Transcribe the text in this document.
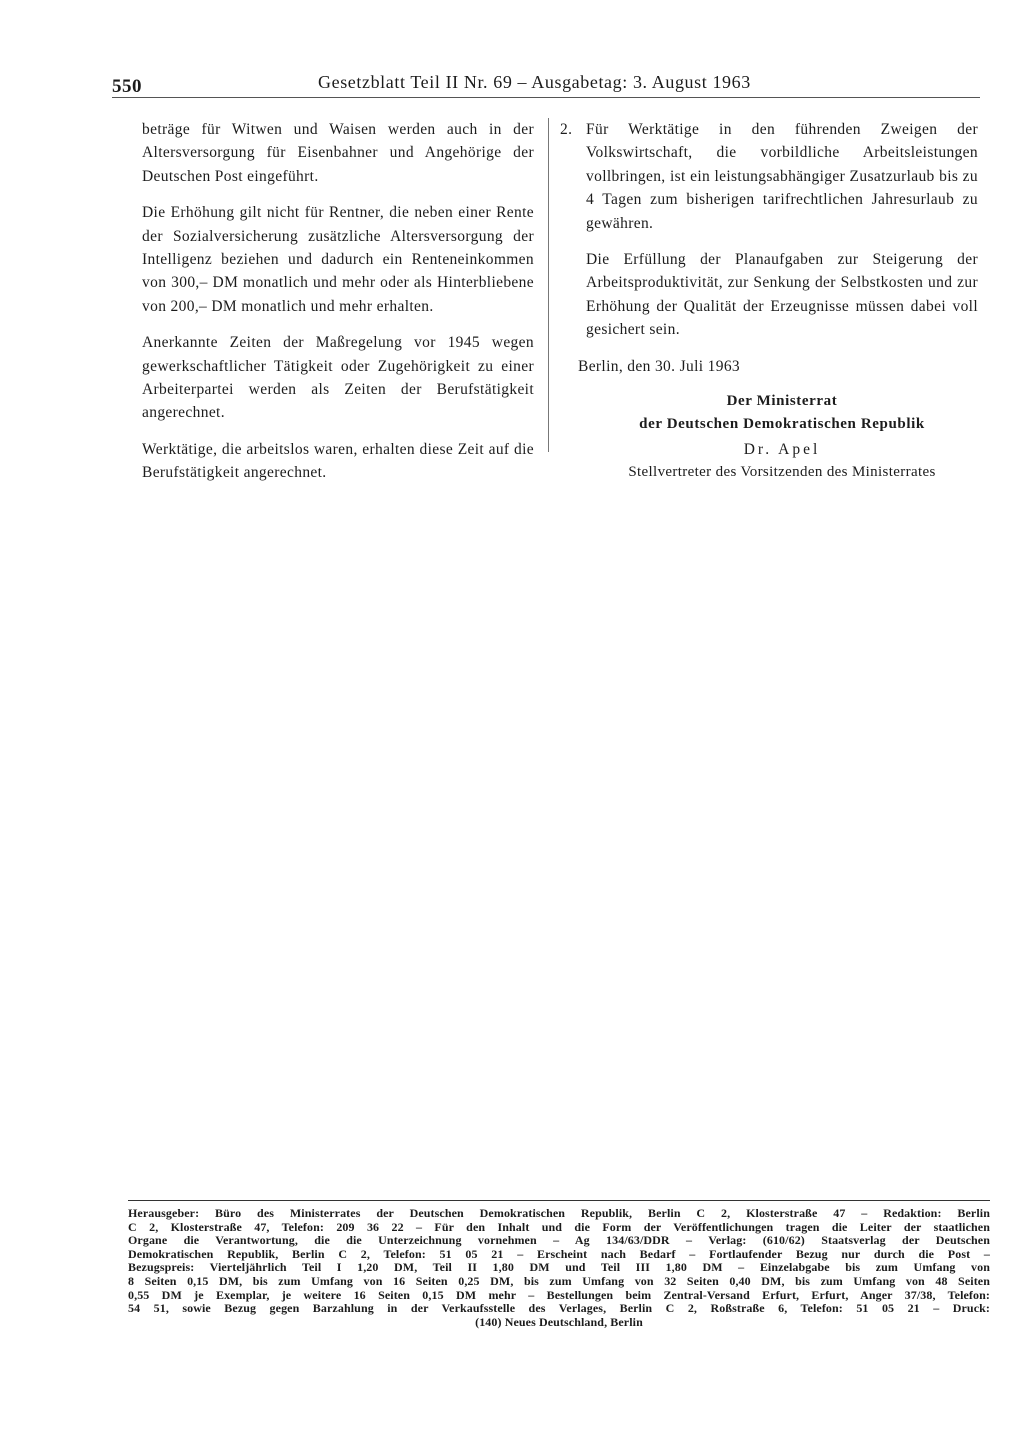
550	Gesetzblatt Teil II Nr. 69 – Ausgabetag: 3. August 1963

beträge für Witwen und Waisen werden auch in der Altersversorgung für Eisenbahner und Angehörige der Deutschen Post eingeführt.

Die Erhöhung gilt nicht für Rentner, die neben einer Rente der Sozialversicherung zusätzliche Altersversorgung der Intelligenz beziehen und dadurch ein Renteneinkommen von 300,– DM monatlich und mehr oder als Hinterbliebene von 200,– DM monatlich und mehr erhalten.

Anerkannte Zeiten der Maßregelung vor 1945 wegen gewerkschaftlicher Tätigkeit oder Zugehörigkeit zu einer Arbeiterpartei werden als Zeiten der Berufstätigkeit angerechnet.

Werktätige, die arbeitslos waren, erhalten diese Zeit auf die Berufstätigkeit angerechnet.

2. Für Werktätige in den führenden Zweigen der Volkswirtschaft, die vorbildliche Arbeitsleistungen vollbringen, ist ein leistungsabhängiger Zusatzurlaub bis zu 4 Tagen zum bisherigen tarifrechtlichen Jahresurlaub zu gewähren.

Die Erfüllung der Planaufgaben zur Steigerung der Arbeitsproduktivität, zur Senkung der Selbstkosten und zur Erhöhung der Qualität der Erzeugnisse müssen dabei voll gesichert sein.

Berlin, den 30. Juli 1963

Der Ministerrat
der Deutschen Demokratischen Republik
Dr. Apel
Stellvertreter des Vorsitzenden des Ministerrates
Herausgeber: Büro des Ministerrates der Deutschen Demokratischen Republik, Berlin C 2, Klosterstraße 47 – Redaktion: Berlin
C 2, Klosterstraße 47, Telefon: 209 36 22 – Für den Inhalt und die Form der Veröffentlichungen tragen die Leiter der staatlichen
Organe die Verantwortung, die die Unterzeichnung vornehmen – Ag 134/63/DDR – Verlag: (610/62) Staatsverlag der Deutschen
Demokratischen Republik, Berlin C 2, Telefon: 51 05 21 – Erscheint nach Bedarf – Fortlaufender Bezug nur durch die Post –
Bezugspreis: Vierteljährlich Teil I 1,20 DM, Teil II 1,80 DM und Teil III 1,80 DM – Einzelabgabe bis zum Umfang von
8 Seiten 0,15 DM, bis zum Umfang von 16 Seiten 0,25 DM, bis zum Umfang von 32 Seiten 0,40 DM, bis zum Umfang von 48 Seiten
0,55 DM je Exemplar, je weitere 16 Seiten 0,15 DM mehr – Bestellungen beim Zentral-Versand Erfurt, Erfurt, Anger 37/38, Telefon:
54 51, sowie Bezug gegen Barzahlung in der Verkaufsstelle des Verlages, Berlin C 2, Roßstraße 6, Telefon: 51 05 21 – Druck:
(140) Neues Deutschland, Berlin
